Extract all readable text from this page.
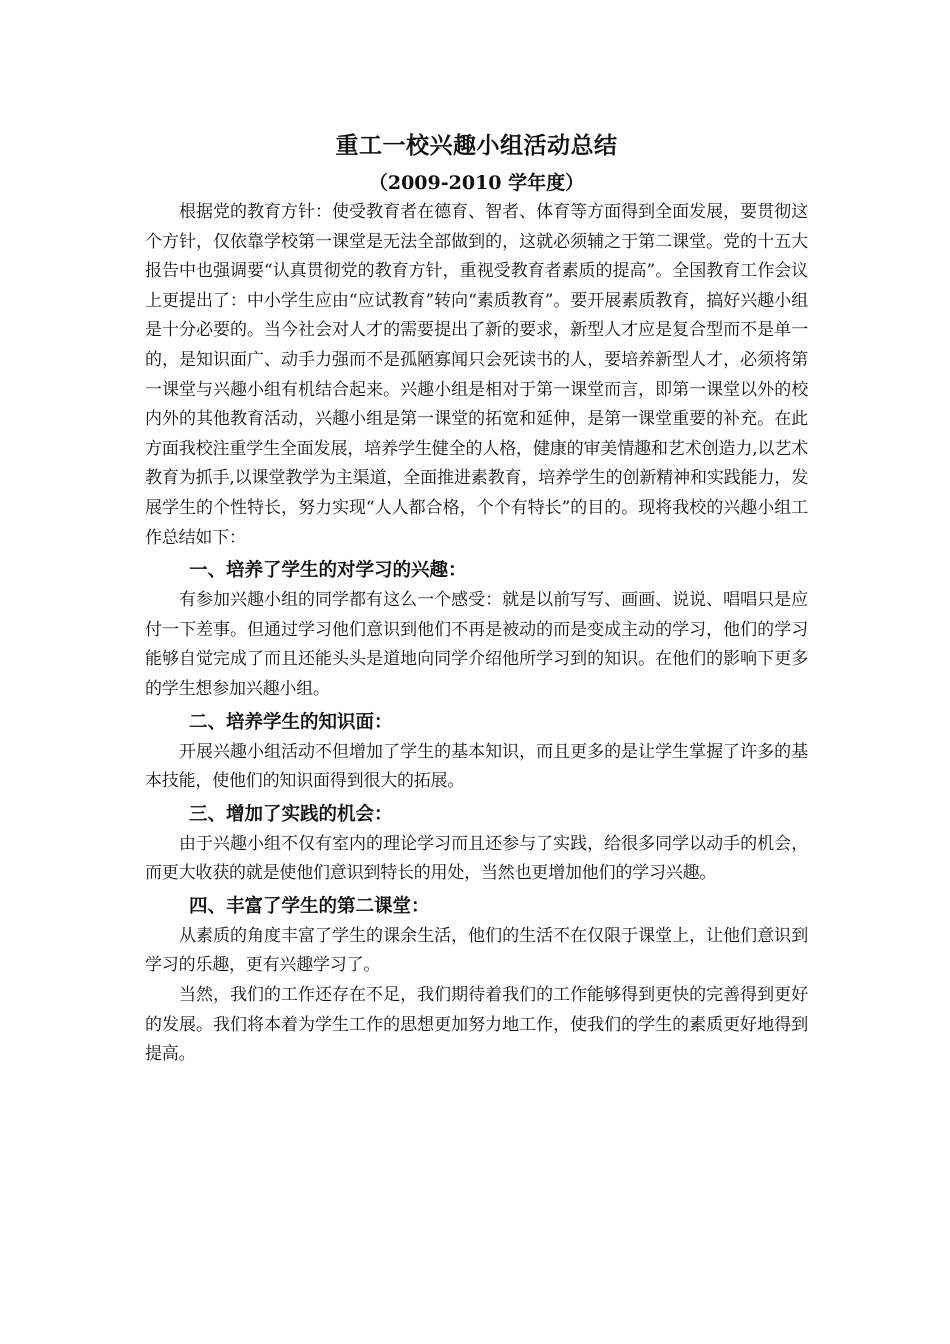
重工一校兴趣小组活动总结
（2009-2010 学年度）

根据党的教育方针：使受教育者在德育、智者、体育等方面得到全面发展，要贯彻这个方针，仅依靠学校第一课堂是无法全部做到的，这就必须辅之于第二课堂。党的十五大报告中也强调要“认真贯彻党的教育方针，重视受教育者素质的提高”。全国教育工作会议上更提出了：中小学生应由“应试教育”转向“素质教育”。要开展素质教育，搞好兴趣小组是十分必要的。当今社会对人才的需要提出了新的要求，新型人才应是复合型而不是单一的，是知识面广、动手力强而不是孤陋寡闻只会死读书的人，要培养新型人才，必须将第一课堂与兴趣小组有机结合起来。兴趣小组是相对于第一课堂而言，即第一课堂以外的校内外的其他教育活动，兴趣小组是第一课堂的拓宽和延伸，是第一课堂重要的补充。在此方面我校注重学生全面发展，培养学生健全的人格，健康的审美情趣和艺术创造力,以艺术教育为抓手,以课堂教学为主渠道，全面推进素教育，培养学生的创新精神和实践能力，发展学生的个性特长，努力实现“人人都合格，个个有特长”的目的。现将我校的兴趣小组工作总结如下：

一、培养了学生的对学习的兴趣：

有参加兴趣小组的同学都有这么一个感受：就是以前写写、画画、说说、唱唱只是应付一下差事。但通过学习他们意识到他们不再是被动的而是变成主动的学习，他们的学习能够自觉完成了而且还能头头是道地向同学介绍他所学习到的知识。在他们的影响下更多的学生想参加兴趣小组。

二、培养学生的知识面：

开展兴趣小组活动不但增加了学生的基本知识，而且更多的是让学生掌握了许多的基本技能，使他们的知识面得到很大的拓展。

三、增加了实践的机会：

由于兴趣小组不仅有室内的理论学习而且还参与了实践，给很多同学以动手的机会，而更大收获的就是使他们意识到特长的用处，当然也更增加他们的学习兴趣。

四、丰富了学生的第二课堂：

从素质的角度丰富了学生的课余生活，他们的生活不在仅限于课堂上，让他们意识到学习的乐趣，更有兴趣学习了。

当然，我们的工作还存在不足，我们期待着我们的工作能够得到更快的完善得到更好的发展。我们将本着为学生工作的思想更加努力地工作，使我们的学生的素质更好地得到提高。
